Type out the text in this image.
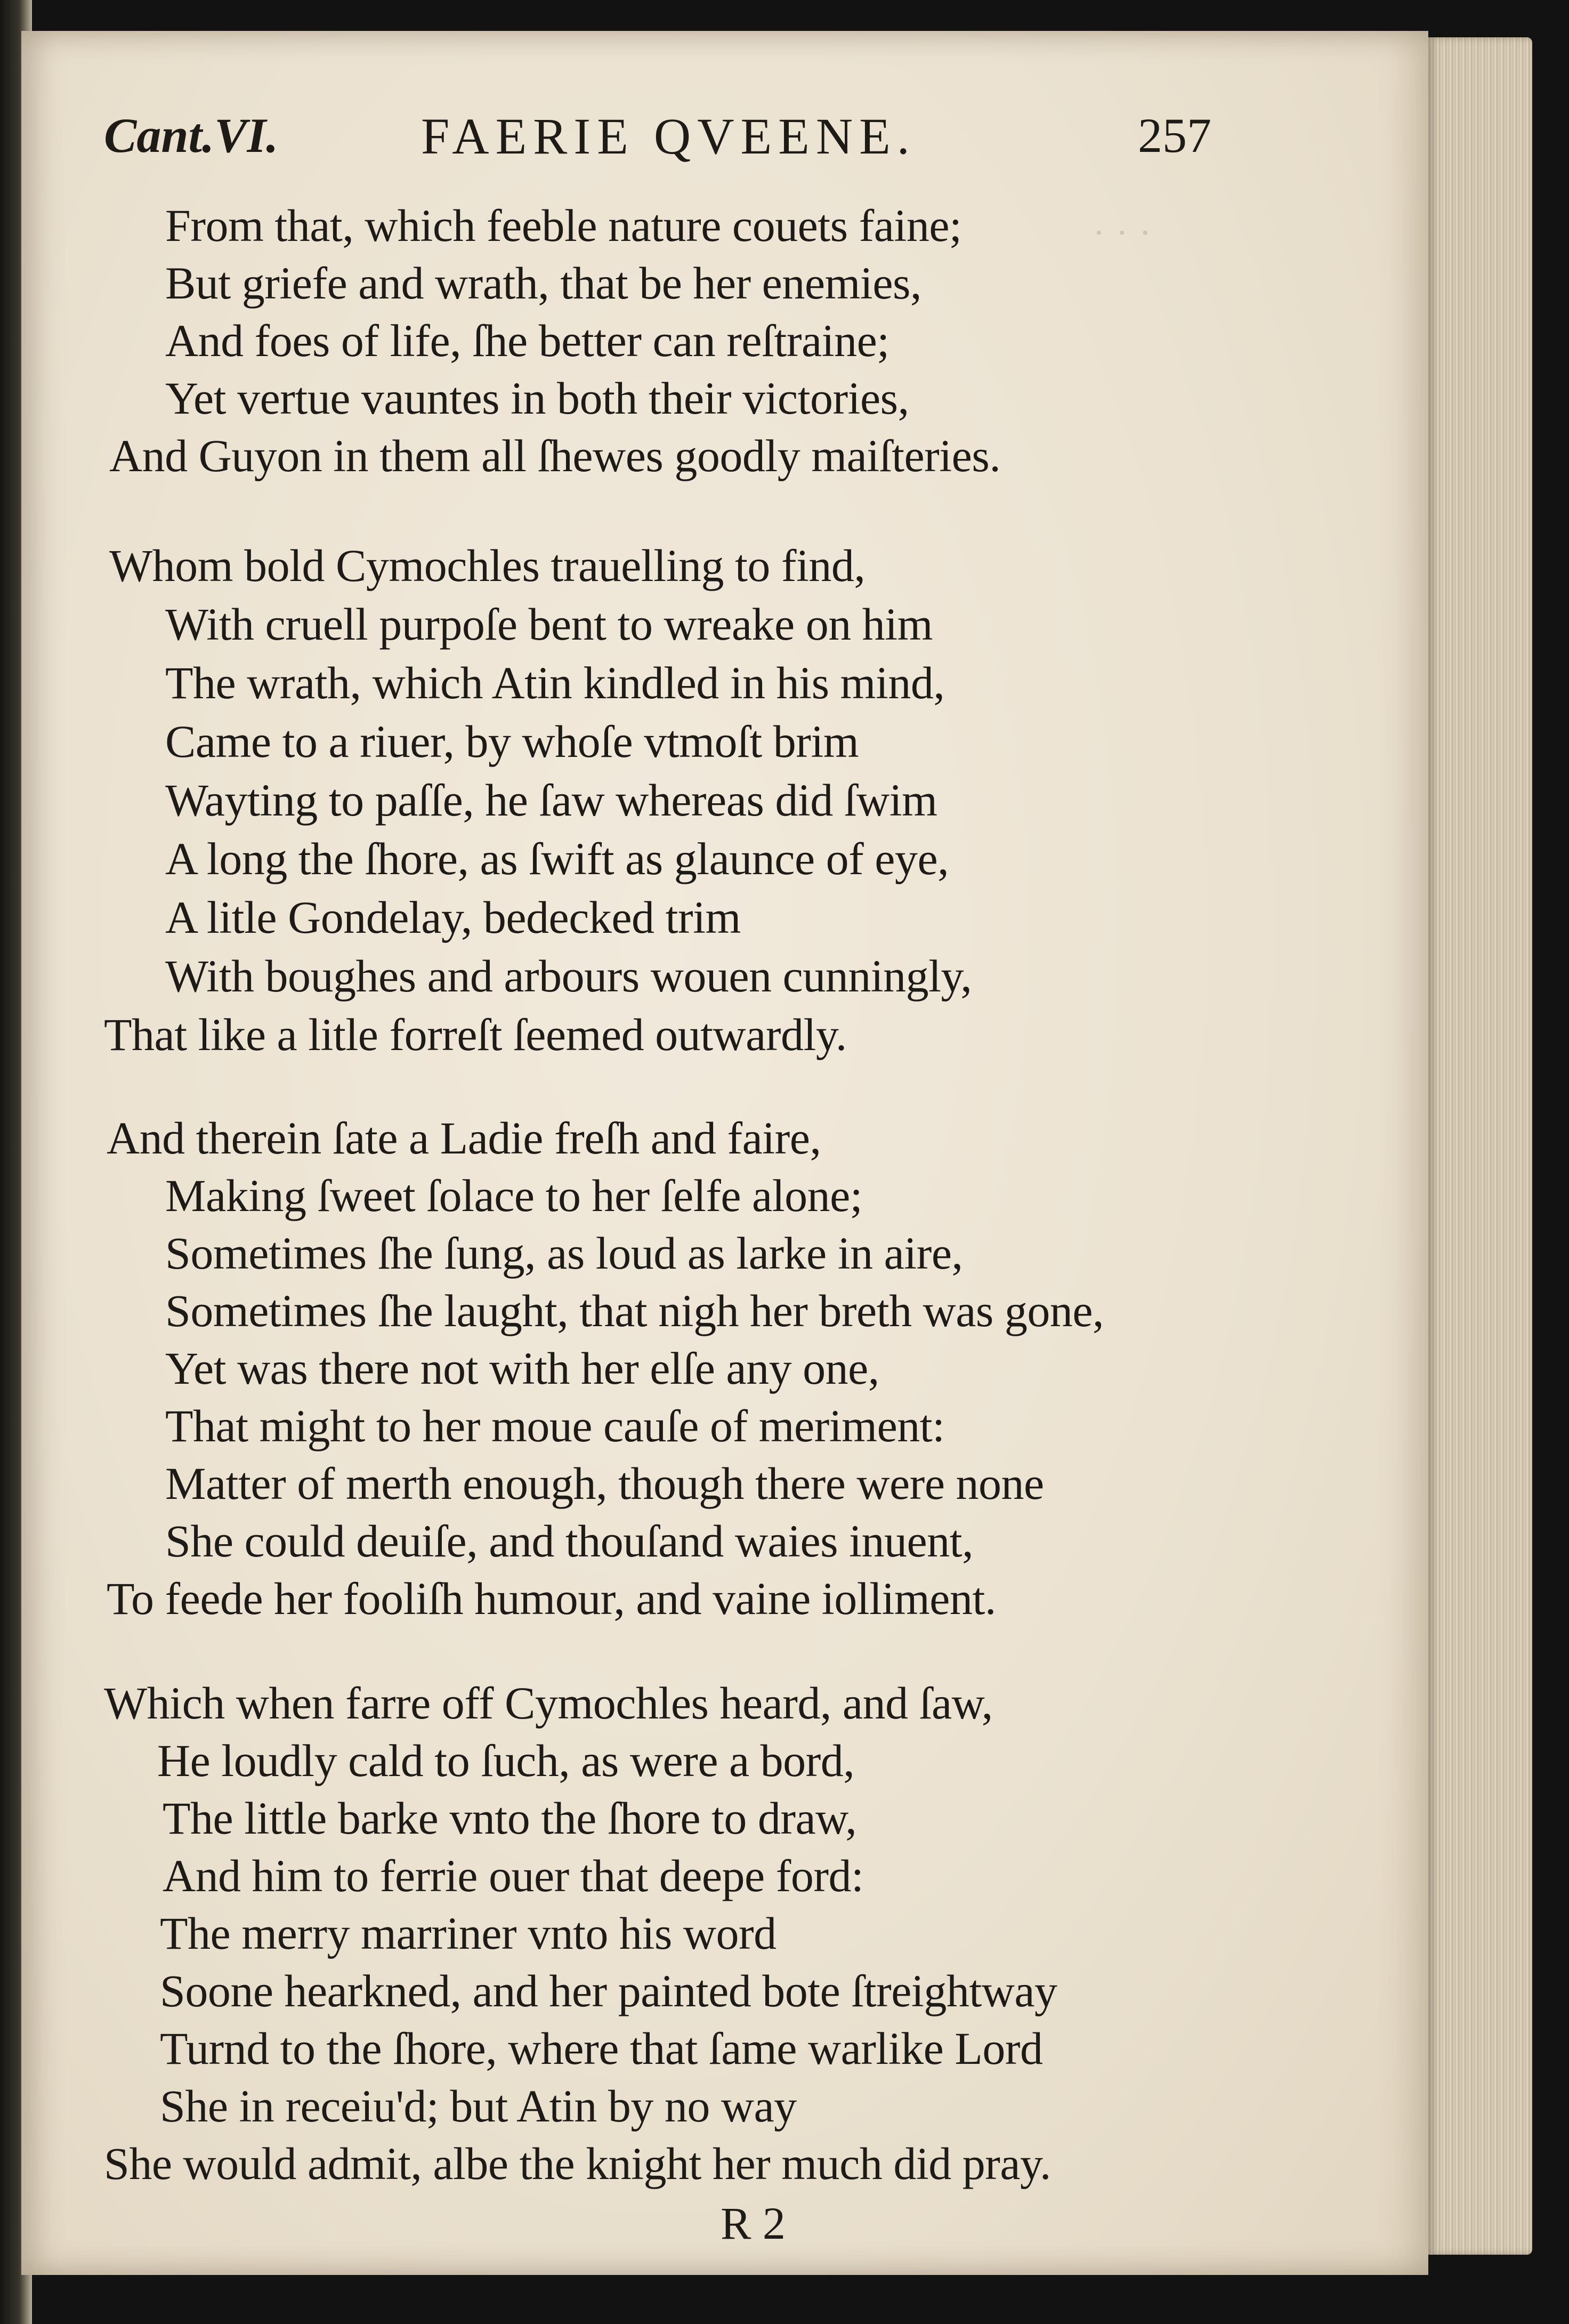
· · ·
Cant.VI.	FAERIE QVEENE.	257
From that, which feeble nature couets faine;
But griefe and wrath, that be her enemies,
And foes of life, ſhe better can reſtraine;
Yet vertue vauntes in both their victories,
And Guyon in them all ſhewes goodly maiſteries.
Whom bold Cymochles trauelling to find,
With cruell purpoſe bent to wreake on him
The wrath, which Atin kindled in his mind,
Came to a riuer, by whoſe vtmoſt brim
Wayting to paſſe, he ſaw whereas did ſwim
A long the ſhore, as ſwift as glaunce of eye,
A litle Gondelay, bedecked trim
With boughes and arbours wouen cunningly,
That like a litle forreſt ſeemed outwardly.
And therein ſate a Ladie freſh and faire,
Making ſweet ſolace to her ſelfe alone;
Sometimes ſhe ſung, as loud as larke in aire,
Sometimes ſhe laught, that nigh her breth was gone,
Yet was there not with her elſe any one,
That might to her moue cauſe of meriment:
Matter of merth enough, though there were none
She could deuiſe, and thouſand waies inuent,
To feede her fooliſh humour, and vaine iolliment.
Which when farre off Cymochles heard, and ſaw,
He loudly cald to ſuch, as were a bord,
The little barke vnto the ſhore to draw,
And him to ferrie ouer that deepe ford:
The merry marriner vnto his word
Soone hearkned, and her painted bote ſtreightway
Turnd to the ſhore, where that ſame warlike Lord
She in receiu'd; but Atin by no way
She would admit, albe the knight her much did pray.
R 2
